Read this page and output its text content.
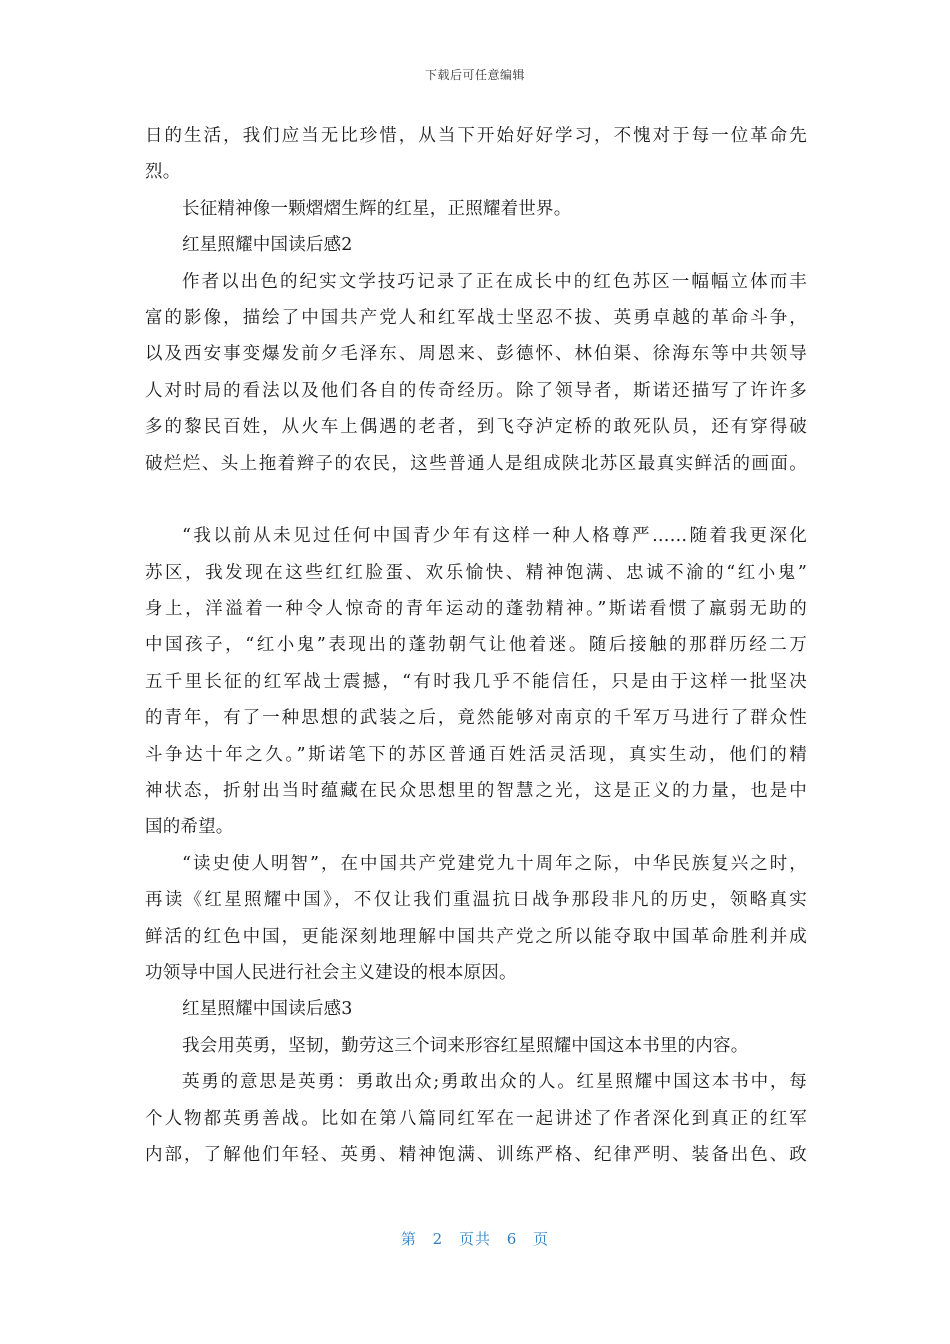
下载后可任意编辑
日的生活，我们应当无比珍惜，从当下开始好好学习，不愧对于每一位革命先
烈。
长征精神像一颗熠熠生辉的红星，正照耀着世界。
红星照耀中国读后感2
作者以出色的纪实文学技巧记录了正在成长中的红色苏区一幅幅立体而丰
富的影像，描绘了中国共产党人和红军战士坚忍不拔、英勇卓越的革命斗争，
以及西安事变爆发前夕毛泽东、周恩来、彭德怀、林伯渠、徐海东等中共领导
人对时局的看法以及他们各自的传奇经历。除了领导者，斯诺还描写了许许多
多的黎民百姓，从火车上偶遇的老者，到飞夺泸定桥的敢死队员，还有穿得破
破烂烂、头上拖着辫子的农民，这些普通人是组成陕北苏区最真实鲜活的画面。
“我以前从未见过任何中国青少年有这样一种人格尊严……随着我更深化
苏区，我发现在这些红红脸蛋、欢乐愉快、精神饱满、忠诚不渝的“红小鬼”
身上，洋溢着一种令人惊奇的青年运动的蓬勃精神。”斯诺看惯了羸弱无助的
中国孩子，“红小鬼”表现出的蓬勃朝气让他着迷。随后接触的那群历经二万
五千里长征的红军战士震撼，“有时我几乎不能信任，只是由于这样一批坚决
的青年，有了一种思想的武装之后，竟然能够对南京的千军万马进行了群众性
斗争达十年之久。”斯诺笔下的苏区普通百姓活灵活现，真实生动，他们的精
神状态，折射出当时蕴藏在民众思想里的智慧之光，这是正义的力量，也是中
国的希望。
“读史使人明智”，在中国共产党建党九十周年之际，中华民族复兴之时，
再读《红星照耀中国》，不仅让我们重温抗日战争那段非凡的历史，领略真实
鲜活的红色中国，更能深刻地理解中国共产党之所以能夺取中国革命胜利并成
功领导中国人民进行社会主义建设的根本原因。
红星照耀中国读后感3
我会用英勇，坚韧，勤劳这三个词来形容红星照耀中国这本书里的内容。
英勇的意思是英勇：勇敢出众;勇敢出众的人。红星照耀中国这本书中，每
个人物都英勇善战。比如在第八篇同红军在一起讲述了作者深化到真正的红军
内部，了解他们年轻、英勇、精神饱满、训练严格、纪律严明、装备出色、政
第 2 页共 6 页
